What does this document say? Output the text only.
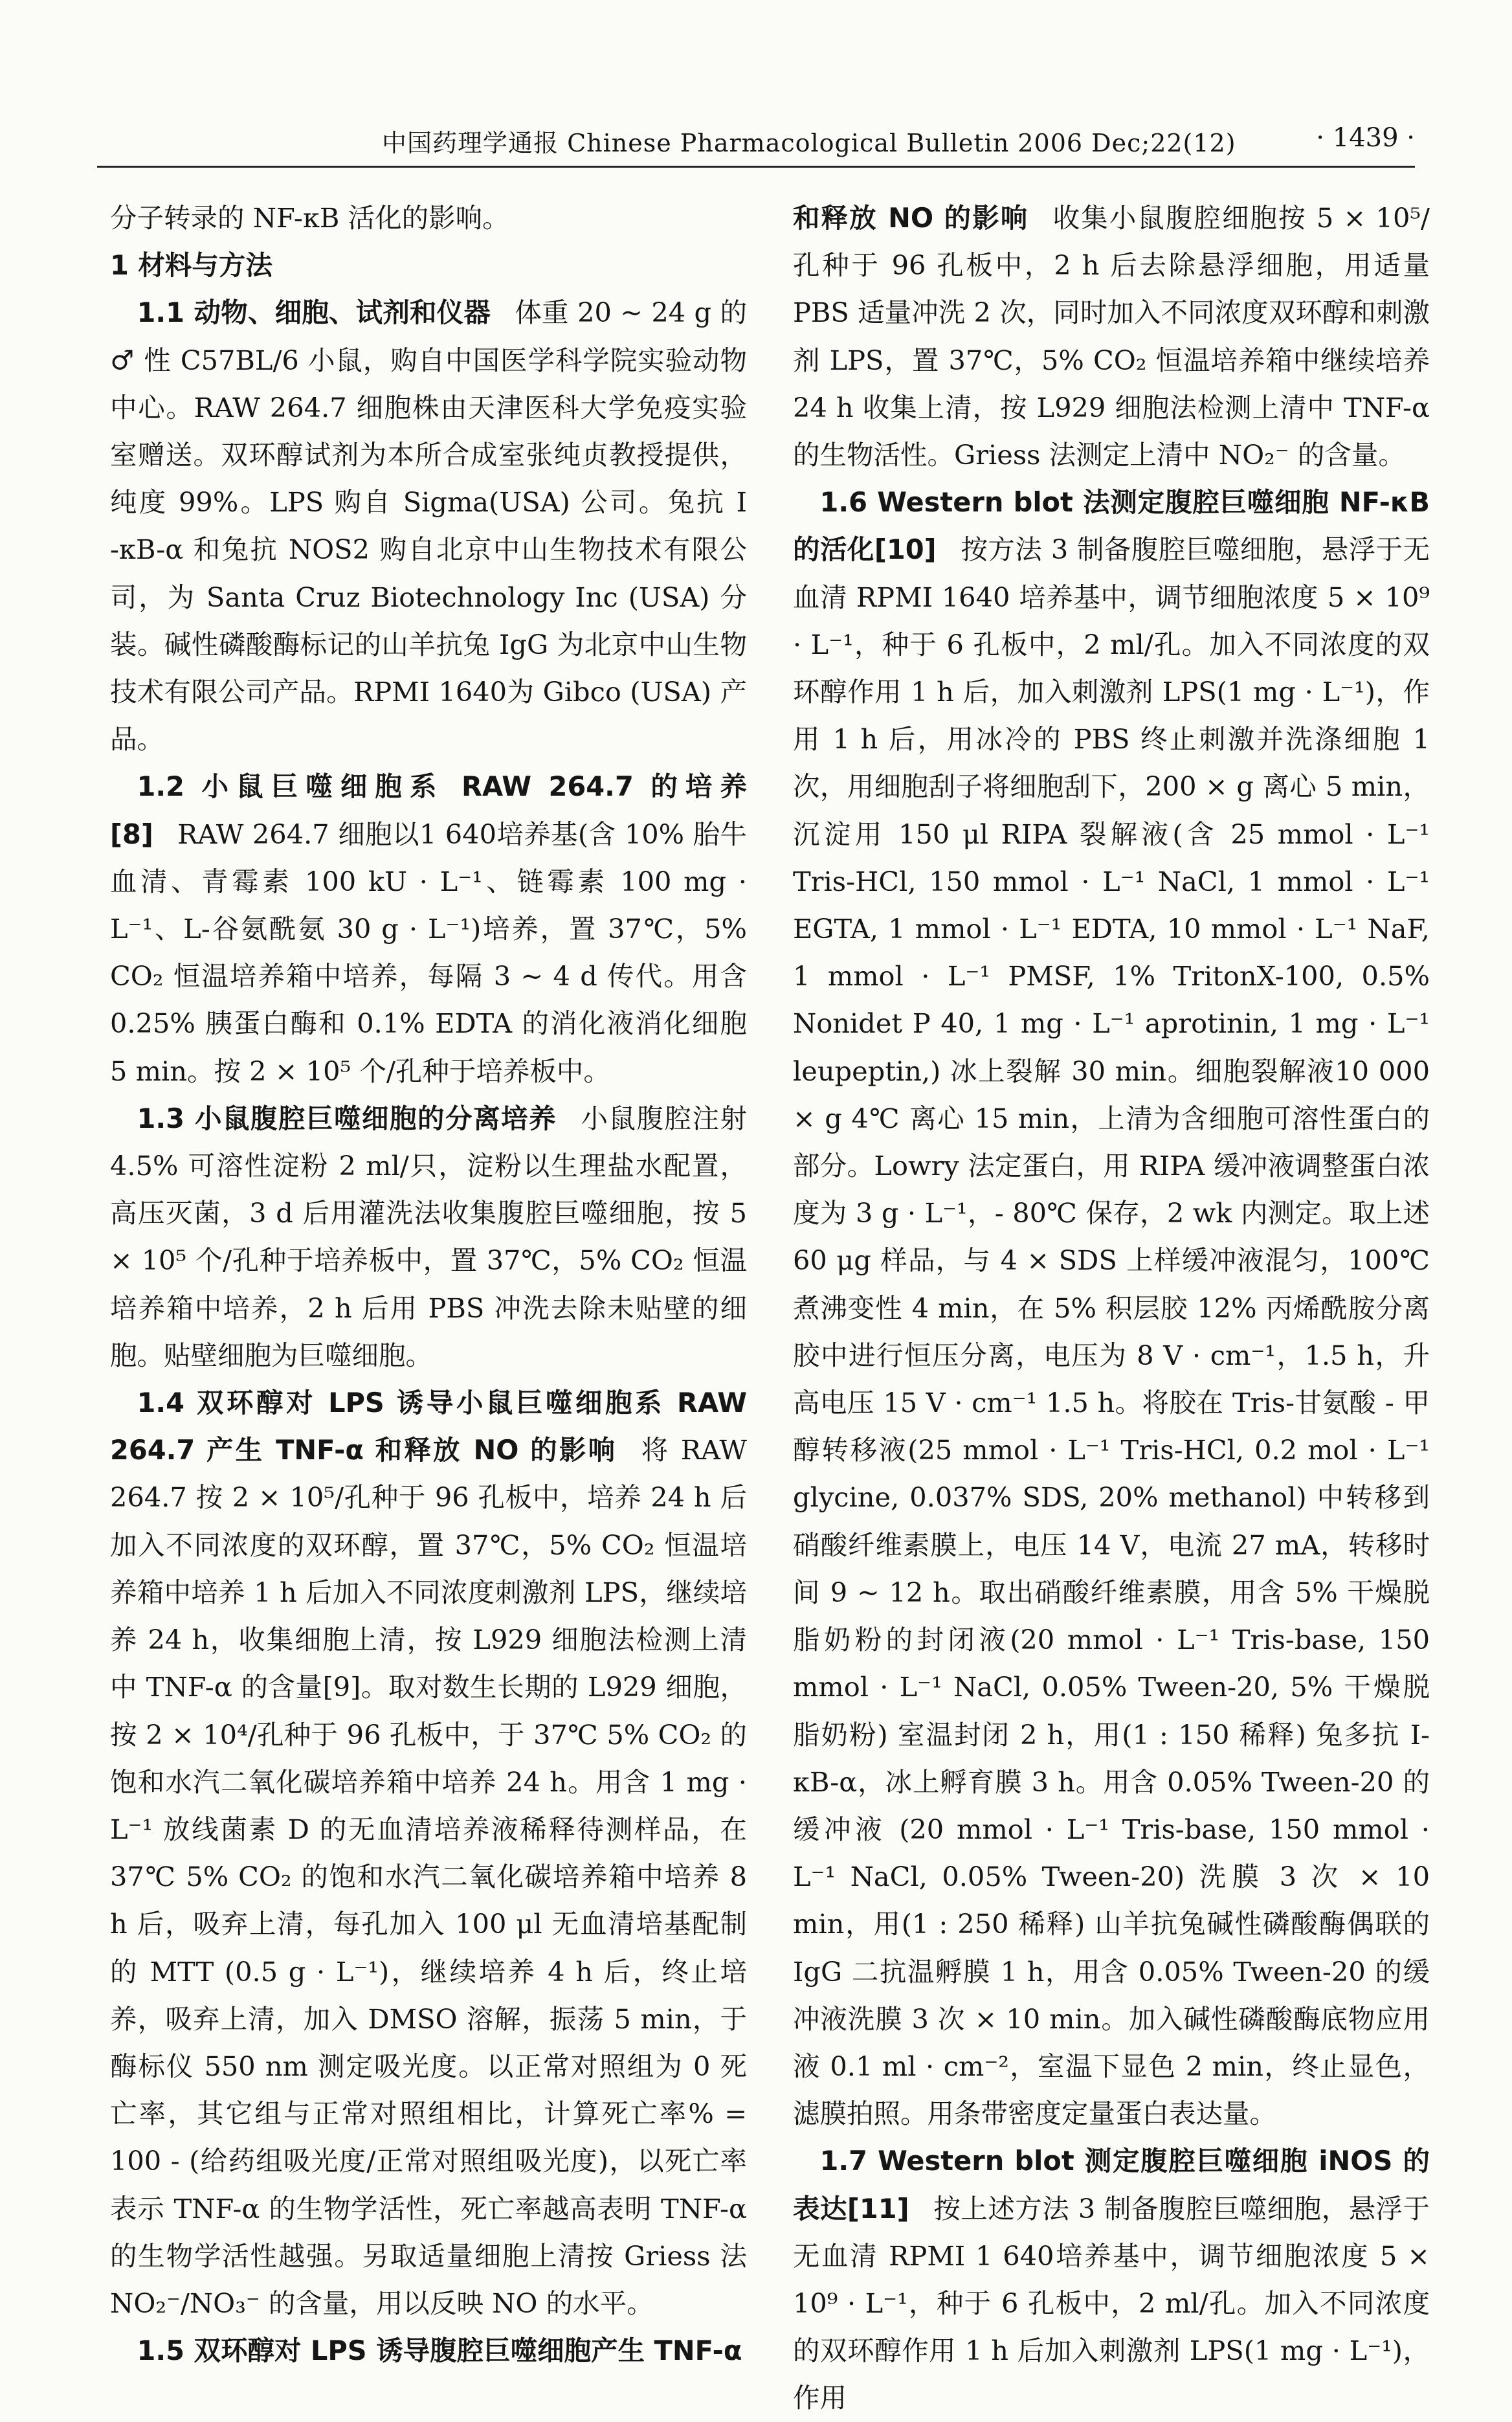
中国药理学通报 Chinese Pharmacological Bulletin 2006 Dec;22(12)	· 1439 ·

分子转录的 NF-κB 活化的影响。

1 材料与方法

1.1 动物、细胞、试剂和仪器 体重 20 ~ 24 g 的 ♂ 性 C57BL/6 小鼠，购自中国医学科学院实验动物中心。RAW 264.7 细胞株由天津医科大学免疫实验室赠送。双环醇试剂为本所合成室张纯贞教授提供，纯度 99%。LPS 购自 Sigma(USA) 公司。兔抗 I -κB-α 和兔抗 NOS2 购自北京中山生物技术有限公司，为 Santa Cruz Biotechnology Inc (USA) 分装。碱性磷酸酶标记的山羊抗兔 IgG 为北京中山生物技术有限公司产品。RPMI 1640为 Gibco (USA) 产品。

1.2 小鼠巨噬细胞系 RAW 264.7 的培养[8] RAW 264.7 细胞以1 640培养基(含 10% 胎牛血清、青霉素 100 kU · L⁻¹、链霉素 100 mg · L⁻¹、L-谷氨酰氨 30 g · L⁻¹)培养，置 37℃，5% CO₂ 恒温培养箱中培养，每隔 3 ~ 4 d 传代。用含 0.25% 胰蛋白酶和 0.1% EDTA 的消化液消化细胞 5 min。按 2 × 10⁵ 个/孔种于培养板中。

1.3 小鼠腹腔巨噬细胞的分离培养 小鼠腹腔注射 4.5% 可溶性淀粉 2 ml/只，淀粉以生理盐水配置，高压灭菌，3 d 后用灌洗法收集腹腔巨噬细胞，按 5 × 10⁵ 个/孔种于培养板中，置 37℃，5% CO₂ 恒温培养箱中培养，2 h 后用 PBS 冲洗去除未贴壁的细胞。贴壁细胞为巨噬细胞。

1.4 双环醇对 LPS 诱导小鼠巨噬细胞系 RAW 264.7 产生 TNF-α 和释放 NO 的影响 将 RAW 264.7 按 2 × 10⁵/孔种于 96 孔板中，培养 24 h 后加入不同浓度的双环醇，置 37℃，5% CO₂ 恒温培养箱中培养 1 h 后加入不同浓度刺激剂 LPS，继续培养 24 h，收集细胞上清，按 L929 细胞法检测上清中 TNF-α 的含量[9]。取对数生长期的 L929 细胞，按 2 × 10⁴/孔种于 96 孔板中，于 37℃ 5% CO₂ 的饱和水汽二氧化碳培养箱中培养 24 h。用含 1 mg · L⁻¹ 放线菌素 D 的无血清培养液稀释待测样品，在 37℃ 5% CO₂ 的饱和水汽二氧化碳培养箱中培养 8 h 后，吸弃上清，每孔加入 100 μl 无血清培基配制的 MTT (0.5 g · L⁻¹)，继续培养 4 h 后，终止培养，吸弃上清，加入 DMSO 溶解，振荡 5 min，于酶标仪 550 nm 测定吸光度。以正常对照组为 0 死亡率，其它组与正常对照组相比，计算死亡率% = 100 - (给药组吸光度/正常对照组吸光度)，以死亡率表示 TNF-α 的生物学活性，死亡率越高表明 TNF-α 的生物学活性越强。另取适量细胞上清按 Griess 法 NO₂⁻/NO₃⁻ 的含量，用以反映 NO 的水平。

1.5 双环醇对 LPS 诱导腹腔巨噬细胞产生 TNF-α

和释放 NO 的影响 收集小鼠腹腔细胞按 5 × 10⁵/孔种于 96 孔板中，2 h 后去除悬浮细胞，用适量 PBS 适量冲洗 2 次，同时加入不同浓度双环醇和刺激剂 LPS，置 37℃，5% CO₂ 恒温培养箱中继续培养 24 h 收集上清，按 L929 细胞法检测上清中 TNF-α 的生物活性。Griess 法测定上清中 NO₂⁻ 的含量。

1.6 Western blot 法测定腹腔巨噬细胞 NF-κB 的活化[10] 按方法 3 制备腹腔巨噬细胞，悬浮于无血清 RPMI 1640 培养基中，调节细胞浓度 5 × 10⁹ · L⁻¹，种于 6 孔板中，2 ml/孔。加入不同浓度的双环醇作用 1 h 后，加入刺激剂 LPS(1 mg · L⁻¹)，作用 1 h 后，用冰冷的 PBS 终止刺激并洗涤细胞 1 次，用细胞刮子将细胞刮下，200 × g 离心 5 min，沉淀用 150 μl RIPA 裂解液(含 25 mmol · L⁻¹ Tris-HCl, 150 mmol · L⁻¹ NaCl, 1 mmol · L⁻¹ EGTA, 1 mmol · L⁻¹ EDTA, 10 mmol · L⁻¹ NaF, 1 mmol · L⁻¹ PMSF, 1% TritonX-100, 0.5% Nonidet P 40, 1 mg · L⁻¹ aprotinin, 1 mg · L⁻¹ leupeptin,) 冰上裂解 30 min。细胞裂解液10 000 × g 4℃ 离心 15 min，上清为含细胞可溶性蛋白的部分。Lowry 法定蛋白，用 RIPA 缓冲液调整蛋白浓度为 3 g · L⁻¹，- 80℃ 保存，2 wk 内测定。取上述 60 μg 样品，与 4 × SDS 上样缓冲液混匀，100℃ 煮沸变性 4 min，在 5% 积层胶 12% 丙烯酰胺分离胶中进行恒压分离，电压为 8 V · cm⁻¹，1.5 h，升高电压 15 V · cm⁻¹ 1.5 h。将胶在 Tris-甘氨酸 - 甲醇转移液(25 mmol · L⁻¹ Tris-HCl, 0.2 mol · L⁻¹ glycine, 0.037% SDS, 20% methanol) 中转移到硝酸纤维素膜上，电压 14 V，电流 27 mA，转移时间 9 ~ 12 h。取出硝酸纤维素膜，用含 5% 干燥脱脂奶粉的封闭液(20 mmol · L⁻¹ Tris-base, 150 mmol · L⁻¹ NaCl, 0.05% Tween-20, 5% 干燥脱脂奶粉) 室温封闭 2 h，用(1 : 150 稀释) 兔多抗 I-κB-α，冰上孵育膜 3 h。用含 0.05% Tween-20 的缓冲液 (20 mmol · L⁻¹ Tris-base, 150 mmol · L⁻¹ NaCl, 0.05% Tween-20) 洗膜 3 次 × 10 min，用(1 : 250 稀释) 山羊抗兔碱性磷酸酶偶联的 IgG 二抗温孵膜 1 h，用含 0.05% Tween-20 的缓冲液洗膜 3 次 × 10 min。加入碱性磷酸酶底物应用液 0.1 ml · cm⁻²，室温下显色 2 min，终止显色，滤膜拍照。用条带密度定量蛋白表达量。

1.7 Western blot 测定腹腔巨噬细胞 iNOS 的表达[11] 按上述方法 3 制备腹腔巨噬细胞，悬浮于无血清 RPMI 1 640培养基中，调节细胞浓度 5 × 10⁹ · L⁻¹，种于 6 孔板中，2 ml/孔。加入不同浓度的双环醇作用 1 h 后加入刺激剂 LPS(1 mg · L⁻¹)，作用
